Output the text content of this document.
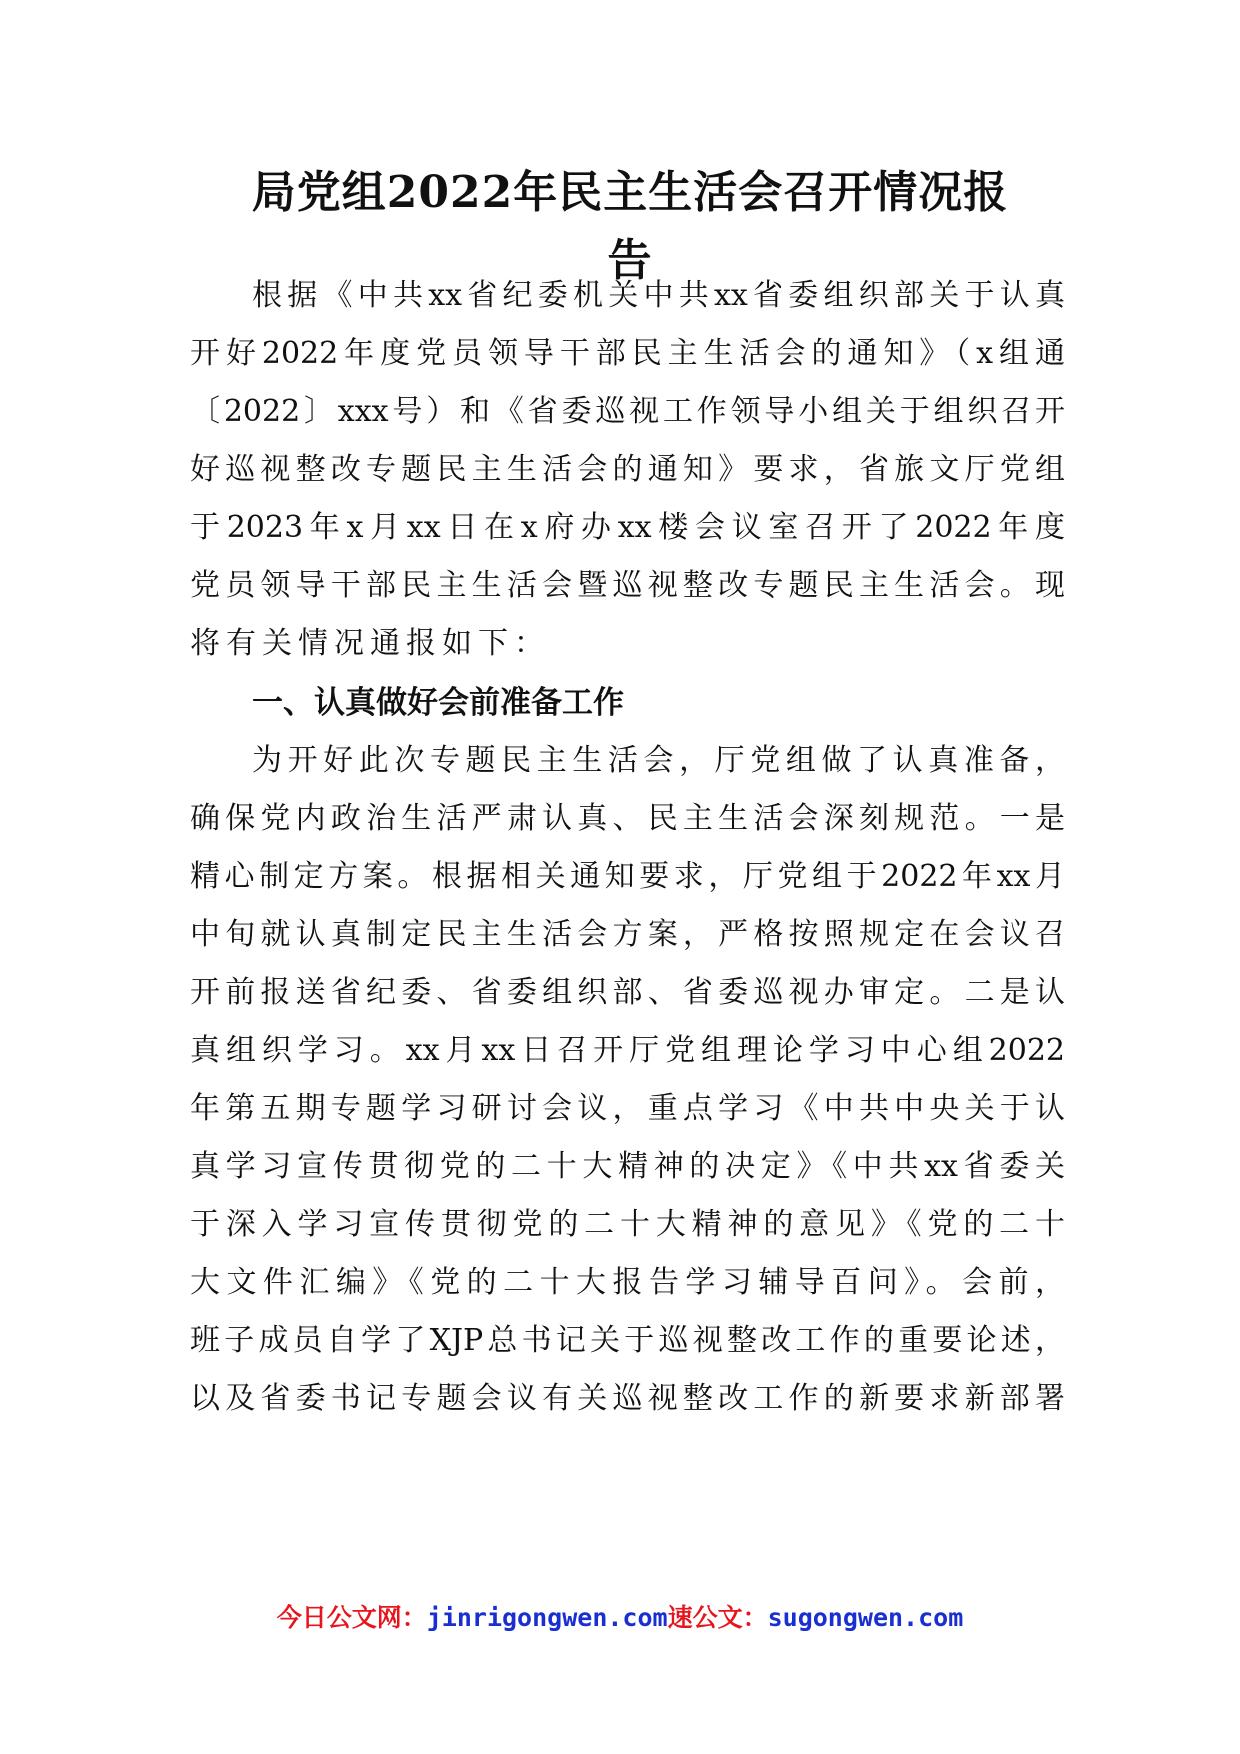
局党组2022年民主生活会召开情况报
告
根据《中共xx省纪委机关中共xx省委组织部关于认真
开好2022年度党员领导干部民主生活会的通知》（x组通
〔2022〕xxx号）和《省委巡视工作领导小组关于组织召开
好巡视整改专题民主生活会的通知》要求，省旅文厅党组
于2023年x月xx日在x府办xx楼会议室召开了2022年度
党员领导干部民主生活会暨巡视整改专题民主生活会。现
将有关情况通报如下：
一、认真做好会前准备工作
为开好此次专题民主生活会，厅党组做了认真准备，
确保党内政治生活严肃认真、民主生活会深刻规范。一是
精心制定方案。根据相关通知要求，厅党组于2022年xx月
中旬就认真制定民主生活会方案，严格按照规定在会议召
开前报送省纪委、省委组织部、省委巡视办审定。二是认
真组织学习。xx月xx日召开厅党组理论学习中心组2022
年第五期专题学习研讨会议，重点学习《中共中央关于认
真学习宣传贯彻党的二十大精神的决定》《中共xx省委关
于深入学习宣传贯彻党的二十大精神的意见》《党的二十
大文件汇编》《党的二十大报告学习辅导百问》。会前，
班子成员自学了XJP总书记关于巡视整改工作的重要论述，
以及省委书记专题会议有关巡视整改工作的新要求新部署
今日公文网：jinrigongwen.com速公文：sugongwen.com
